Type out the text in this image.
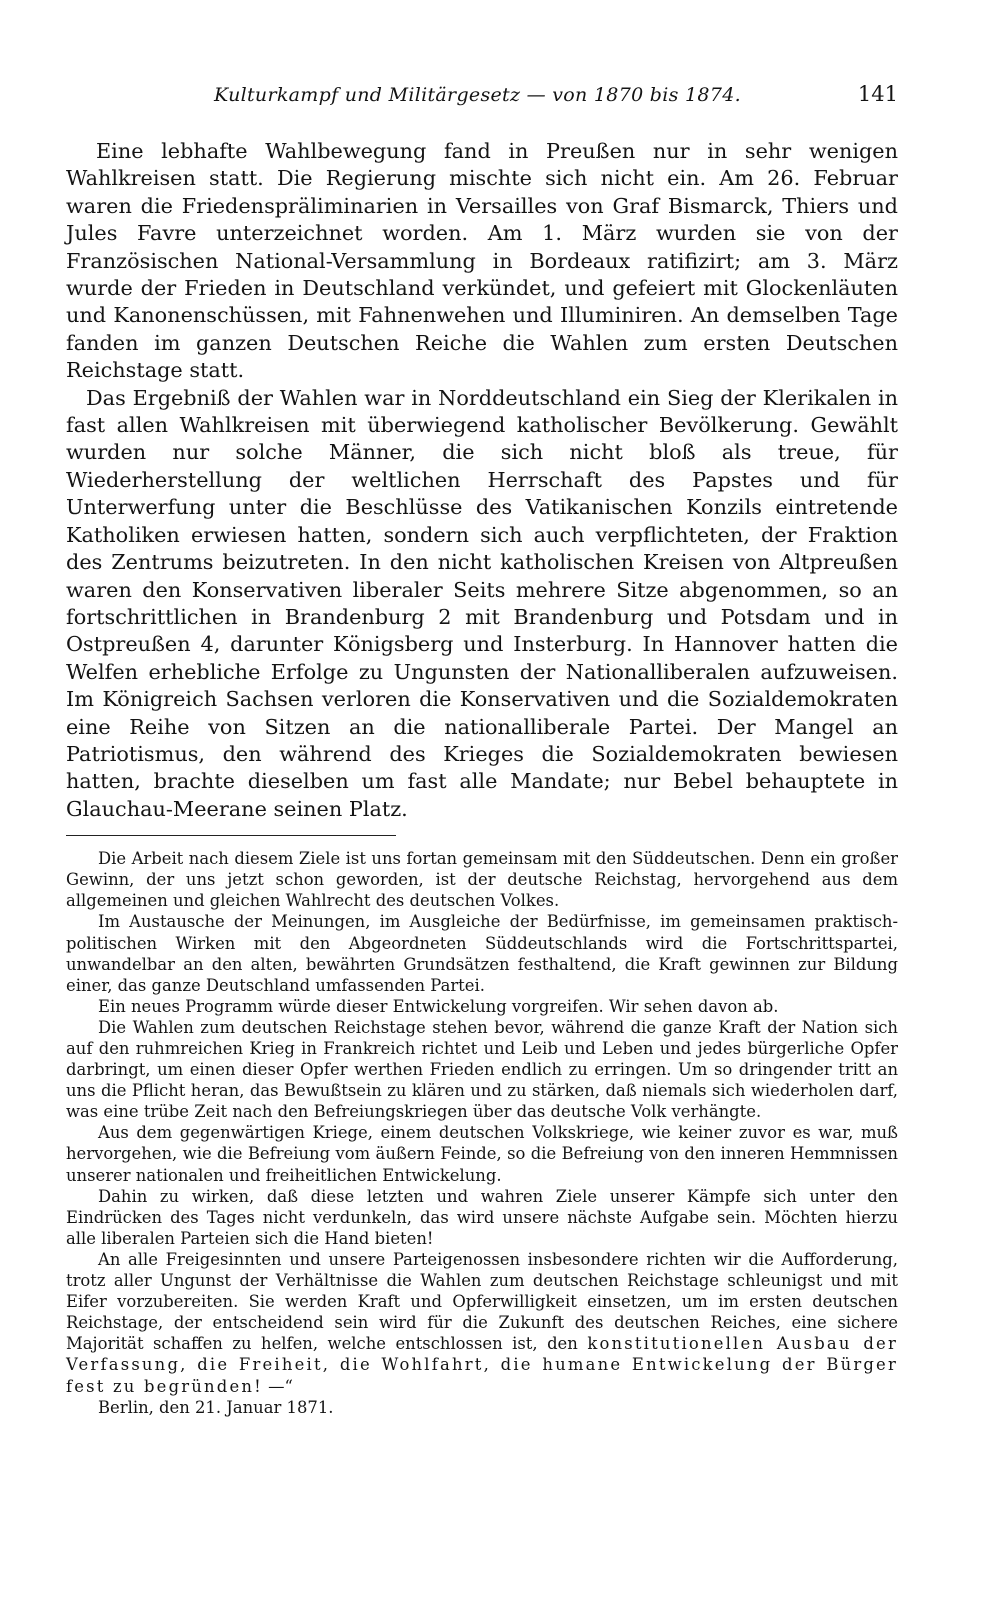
Kulturkampf und Militärgesetz — von 1870 bis 1874.	141

Eine lebhafte Wahlbewegung fand in Preußen nur in sehr wenigen Wahlkreisen statt. Die Regierung mischte sich nicht ein. Am 26. Februar waren die Friedenspräliminarien in Versailles von Graf Bismarck, Thiers und Jules Favre unterzeichnet worden. Am 1. März wurden sie von der Französischen National-Versammlung in Bordeaux ratifizirt; am 3. März wurde der Frieden in Deutschland verkündet, und gefeiert mit Glockenläuten und Kanonenschüssen, mit Fahnenwehen und Illuminiren. An demselben Tage fanden im ganzen Deutschen Reiche die Wahlen zum ersten Deutschen Reichstage statt.

Das Ergebniß der Wahlen war in Norddeutschland ein Sieg der Klerikalen in fast allen Wahlkreisen mit überwiegend katholischer Bevölkerung. Gewählt wurden nur solche Männer, die sich nicht bloß als treue, für Wiederherstellung der weltlichen Herrschaft des Papstes und für Unterwerfung unter die Beschlüsse des Vatikanischen Konzils eintretende Katholiken erwiesen hatten, sondern sich auch verpflichteten, der Fraktion des Zentrums beizutreten. In den nicht katholischen Kreisen von Altpreußen waren den Konservativen liberaler Seits mehrere Sitze abgenommen, so an fortschrittlichen in Brandenburg 2 mit Brandenburg und Potsdam und in Ostpreußen 4, darunter Königsberg und Insterburg. In Hannover hatten die Welfen erhebliche Erfolge zu Ungunsten der Nationalliberalen aufzuweisen. Im Königreich Sachsen verloren die Konservativen und die Sozialdemokraten eine Reihe von Sitzen an die nationalliberale Partei. Der Mangel an Patriotismus, den während des Krieges die Sozialdemokraten bewiesen hatten, brachte dieselben um fast alle Mandate; nur Bebel behauptete in Glauchau-Meerane seinen Platz.

Die Arbeit nach diesem Ziele ist uns fortan gemeinsam mit den Süddeutschen. Denn ein großer Gewinn, der uns jetzt schon geworden, ist der deutsche Reichstag, hervorgehend aus dem allgemeinen und gleichen Wahlrecht des deutschen Volkes.

Im Austausche der Meinungen, im Ausgleiche der Bedürfnisse, im gemeinsamen praktisch-politischen Wirken mit den Abgeordneten Süddeutschlands wird die Fortschrittspartei, unwandelbar an den alten, bewährten Grundsätzen festhaltend, die Kraft gewinnen zur Bildung einer, das ganze Deutschland umfassenden Partei.

Ein neues Programm würde dieser Entwickelung vorgreifen. Wir sehen davon ab.

Die Wahlen zum deutschen Reichstage stehen bevor, während die ganze Kraft der Nation sich auf den ruhmreichen Krieg in Frankreich richtet und Leib und Leben und jedes bürgerliche Opfer darbringt, um einen dieser Opfer werthen Frieden endlich zu erringen. Um so dringender tritt an uns die Pflicht heran, das Bewußtsein zu klären und zu stärken, daß niemals sich wiederholen darf, was eine trübe Zeit nach den Befreiungskriegen über das deutsche Volk verhängte.

Aus dem gegenwärtigen Kriege, einem deutschen Volkskriege, wie keiner zuvor es war, muß hervorgehen, wie die Befreiung vom äußern Feinde, so die Befreiung von den inneren Hemmnissen unserer nationalen und freiheitlichen Entwickelung.

Dahin zu wirken, daß diese letzten und wahren Ziele unserer Kämpfe sich unter den Eindrücken des Tages nicht verdunkeln, das wird unsere nächste Aufgabe sein. Möchten hierzu alle liberalen Parteien sich die Hand bieten!

An alle Freigesinnten und unsere Parteigenossen insbesondere richten wir die Aufforderung, trotz aller Ungunst der Verhältnisse die Wahlen zum deutschen Reichstage schleunigst und mit Eifer vorzubereiten. Sie werden Kraft und Opferwilligkeit einsetzen, um im ersten deutschen Reichstage, der entscheidend sein wird für die Zukunft des deutschen Reiches, eine sichere Majorität schaffen zu helfen, welche entschlossen ist, den konstitutionellen Ausbau der Verfassung, die Freiheit, die Wohlfahrt, die humane Entwickelung der Bürger fest zu begründen! —“

Berlin, den 21. Januar 1871.
